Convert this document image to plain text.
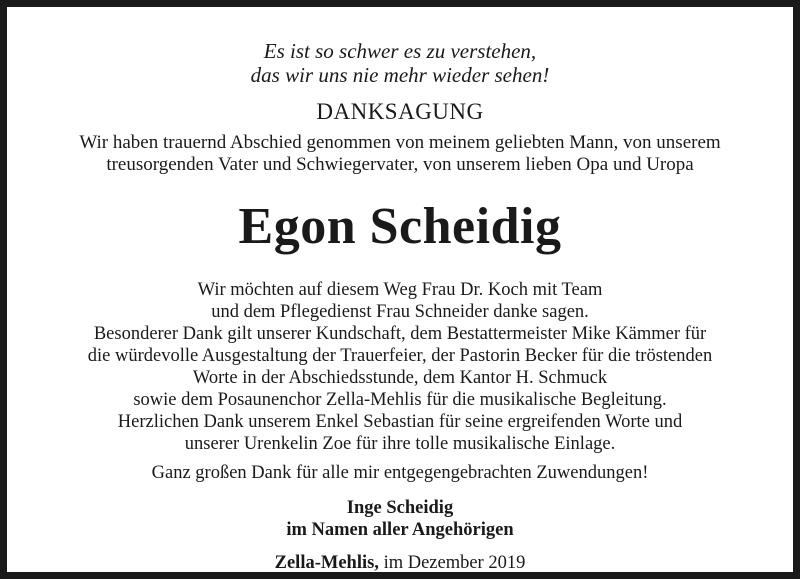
Es ist so schwer es zu verstehen,
das wir uns nie mehr wieder sehen!
DANKSAGUNG
Wir haben trauernd Abschied genommen von meinem geliebten Mann, von unserem
treusorgenden Vater und Schwiegervater, von unserem lieben Opa und Uropa
Egon Scheidig
Wir möchten auf diesem Weg Frau Dr. Koch mit Team
und dem Pflegedienst Frau Schneider danke sagen.
Besonderer Dank gilt unserer Kundschaft, dem Bestattermeister Mike Kämmer für
die würdevolle Ausgestaltung der Trauerfeier, der Pastorin Becker für die tröstenden
Worte in der Abschiedsstunde, dem Kantor H. Schmuck
sowie dem Posaunenchor Zella-Mehlis für die musikalische Begleitung.
Herzlichen Dank unserem Enkel Sebastian für seine ergreifenden Worte und
unserer Urenkelin Zoe für ihre tolle musikalische Einlage.
Ganz großen Dank für alle mir entgegengebrachten Zuwendungen!
Inge Scheidig
im Namen aller Angehörigen
Zella-Mehlis, im Dezember 2019
